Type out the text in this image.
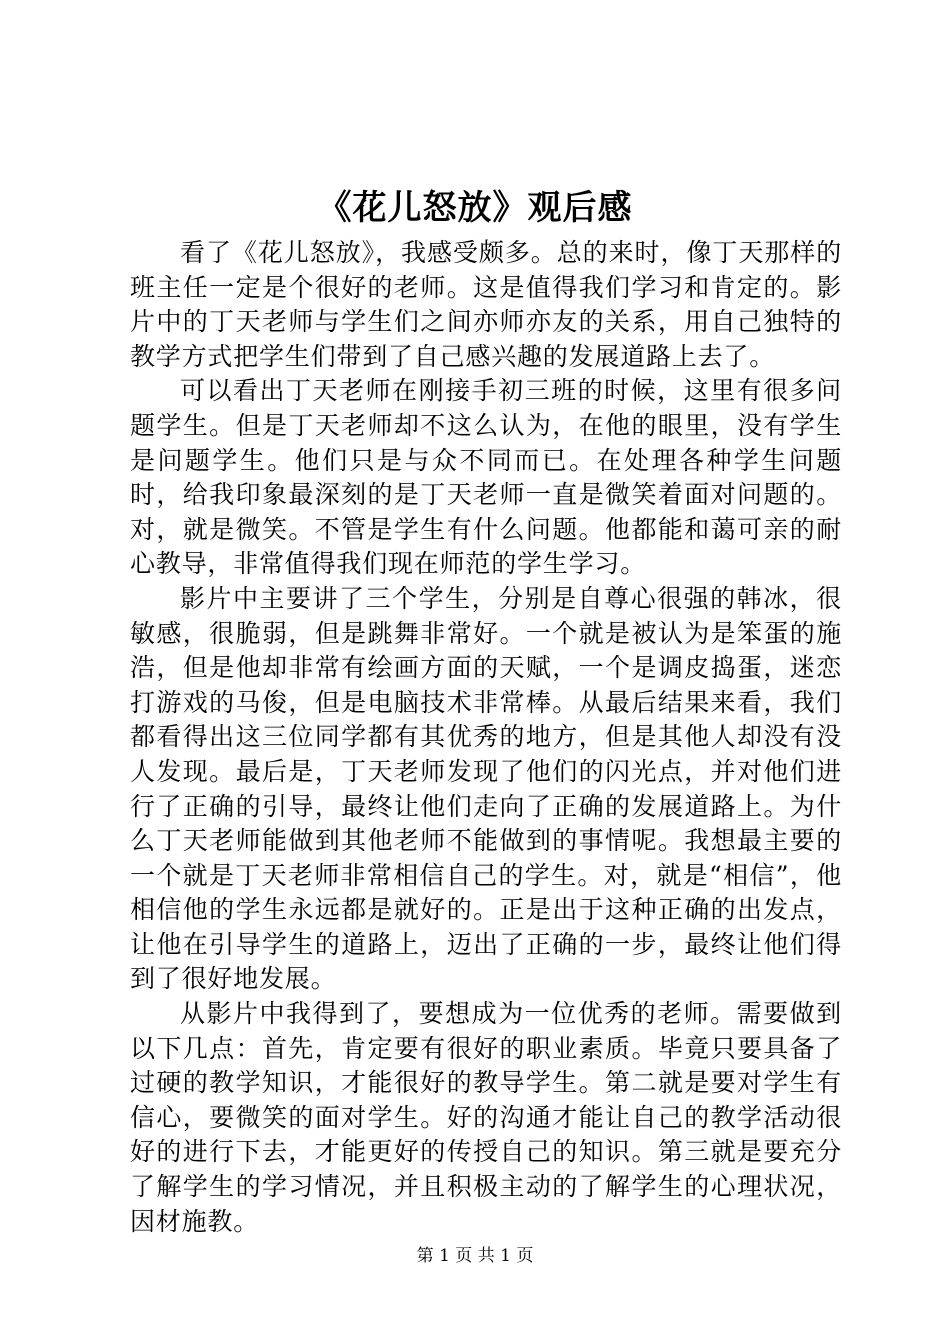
《花儿怒放》观后感

看了《花儿怒放》，我感受颇多。总的来时，像丁天那样的班主任一定是个很好的老师。这是值得我们学习和肯定的。影片中的丁天老师与学生们之间亦师亦友的关系，用自己独特的教学方式把学生们带到了自己感兴趣的发展道路上去了。

可以看出丁天老师在刚接手初三班的时候，这里有很多问题学生。但是丁天老师却不这么认为，在他的眼里，没有学生是问题学生。他们只是与众不同而已。在处理各种学生问题时，给我印象最深刻的是丁天老师一直是微笑着面对问题的。对，就是微笑。不管是学生有什么问题。他都能和蔼可亲的耐心教导，非常值得我们现在师范的学生学习。

影片中主要讲了三个学生，分别是自尊心很强的韩冰，很敏感，很脆弱，但是跳舞非常好。一个就是被认为是笨蛋的施浩，但是他却非常有绘画方面的天赋，一个是调皮捣蛋，迷恋打游戏的马俊，但是电脑技术非常棒。从最后结果来看，我们都看得出这三位同学都有其优秀的地方，但是其他人却没有没人发现。最后是，丁天老师发现了他们的闪光点，并对他们进行了正确的引导，最终让他们走向了正确的发展道路上。为什么丁天老师能做到其他老师不能做到的事情呢。我想最主要的一个就是丁天老师非常相信自己的学生。对，就是“相信”，他相信他的学生永远都是就好的。正是出于这种正确的出发点，让他在引导学生的道路上，迈出了正确的一步，最终让他们得到了很好地发展。

从影片中我得到了，要想成为一位优秀的老师。需要做到以下几点：首先，肯定要有很好的职业素质。毕竟只要具备了过硬的教学知识，才能很好的教导学生。第二就是要对学生有信心，要微笑的面对学生。好的沟通才能让自己的教学活动很好的进行下去，才能更好的传授自己的知识。第三就是要充分了解学生的学习情况，并且积极主动的了解学生的心理状况，因材施教。

第 1 页 共 1 页
